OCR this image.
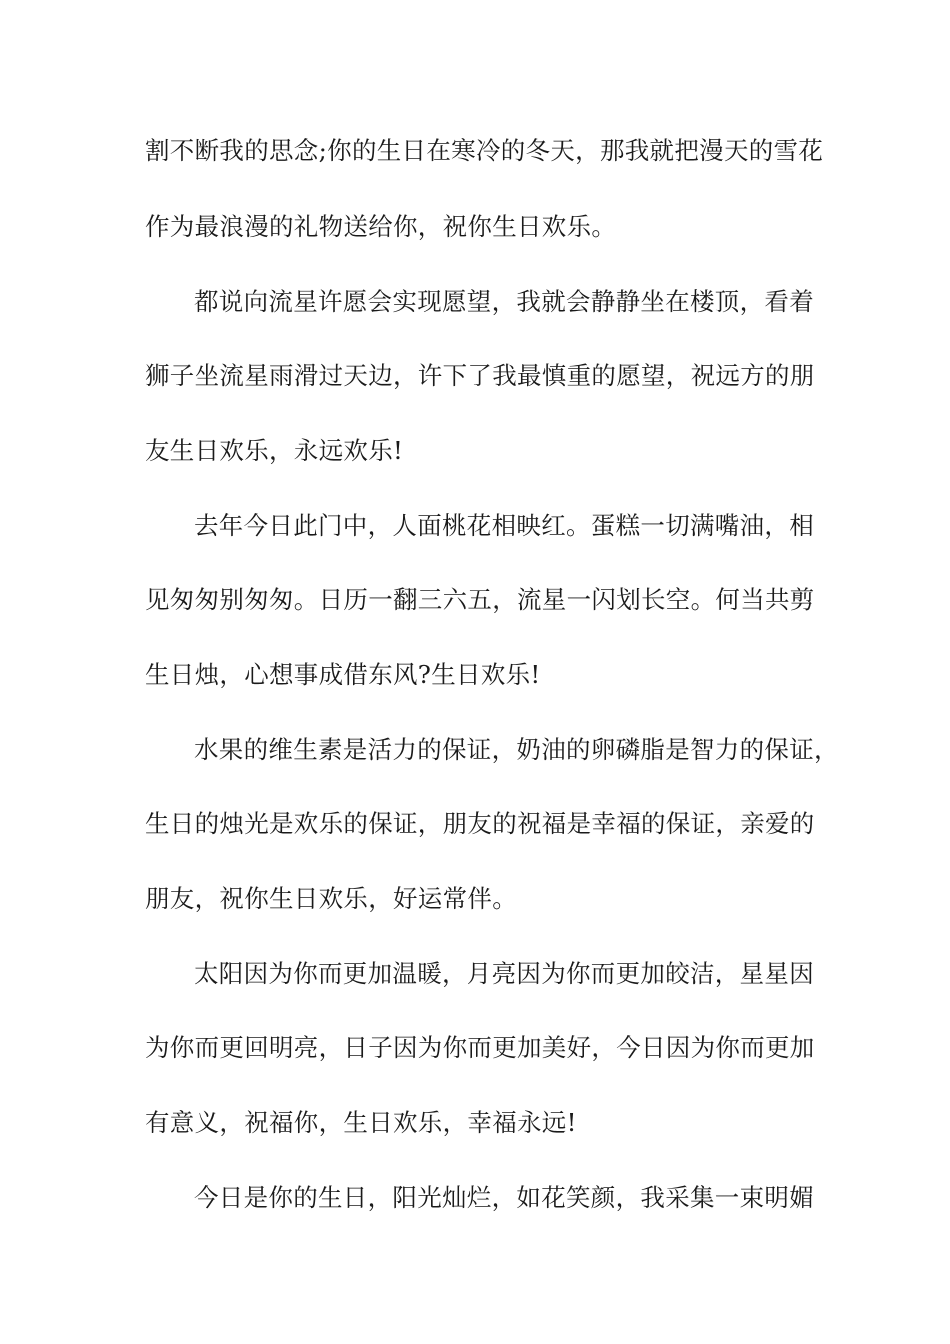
割不断我的思念;你的生日在寒冷的冬天，那我就把漫天的雪花
作为最浪漫的礼物送给你，祝你生日欢乐。
都说向流星许愿会实现愿望，我就会静静坐在楼顶，看着
狮子坐流星雨滑过天边，许下了我最慎重的愿望，祝远方的朋
友生日欢乐，永远欢乐!
去年今日此门中，人面桃花相映红。蛋糕一切满嘴油，相
见匆匆别匆匆。日历一翻三六五，流星一闪划长空。何当共剪
生日烛，心想事成借东风?生日欢乐!
水果的维生素是活力的保证，奶油的卵磷脂是智力的保证，
生日的烛光是欢乐的保证，朋友的祝福是幸福的保证，亲爱的
朋友，祝你生日欢乐，好运常伴。
太阳因为你而更加温暖，月亮因为你而更加皎洁，星星因
为你而更回明亮，日子因为你而更加美好，今日因为你而更加
有意义，祝福你，生日欢乐，幸福永远!
今日是你的生日，阳光灿烂，如花笑颜，我采集一束明媚
